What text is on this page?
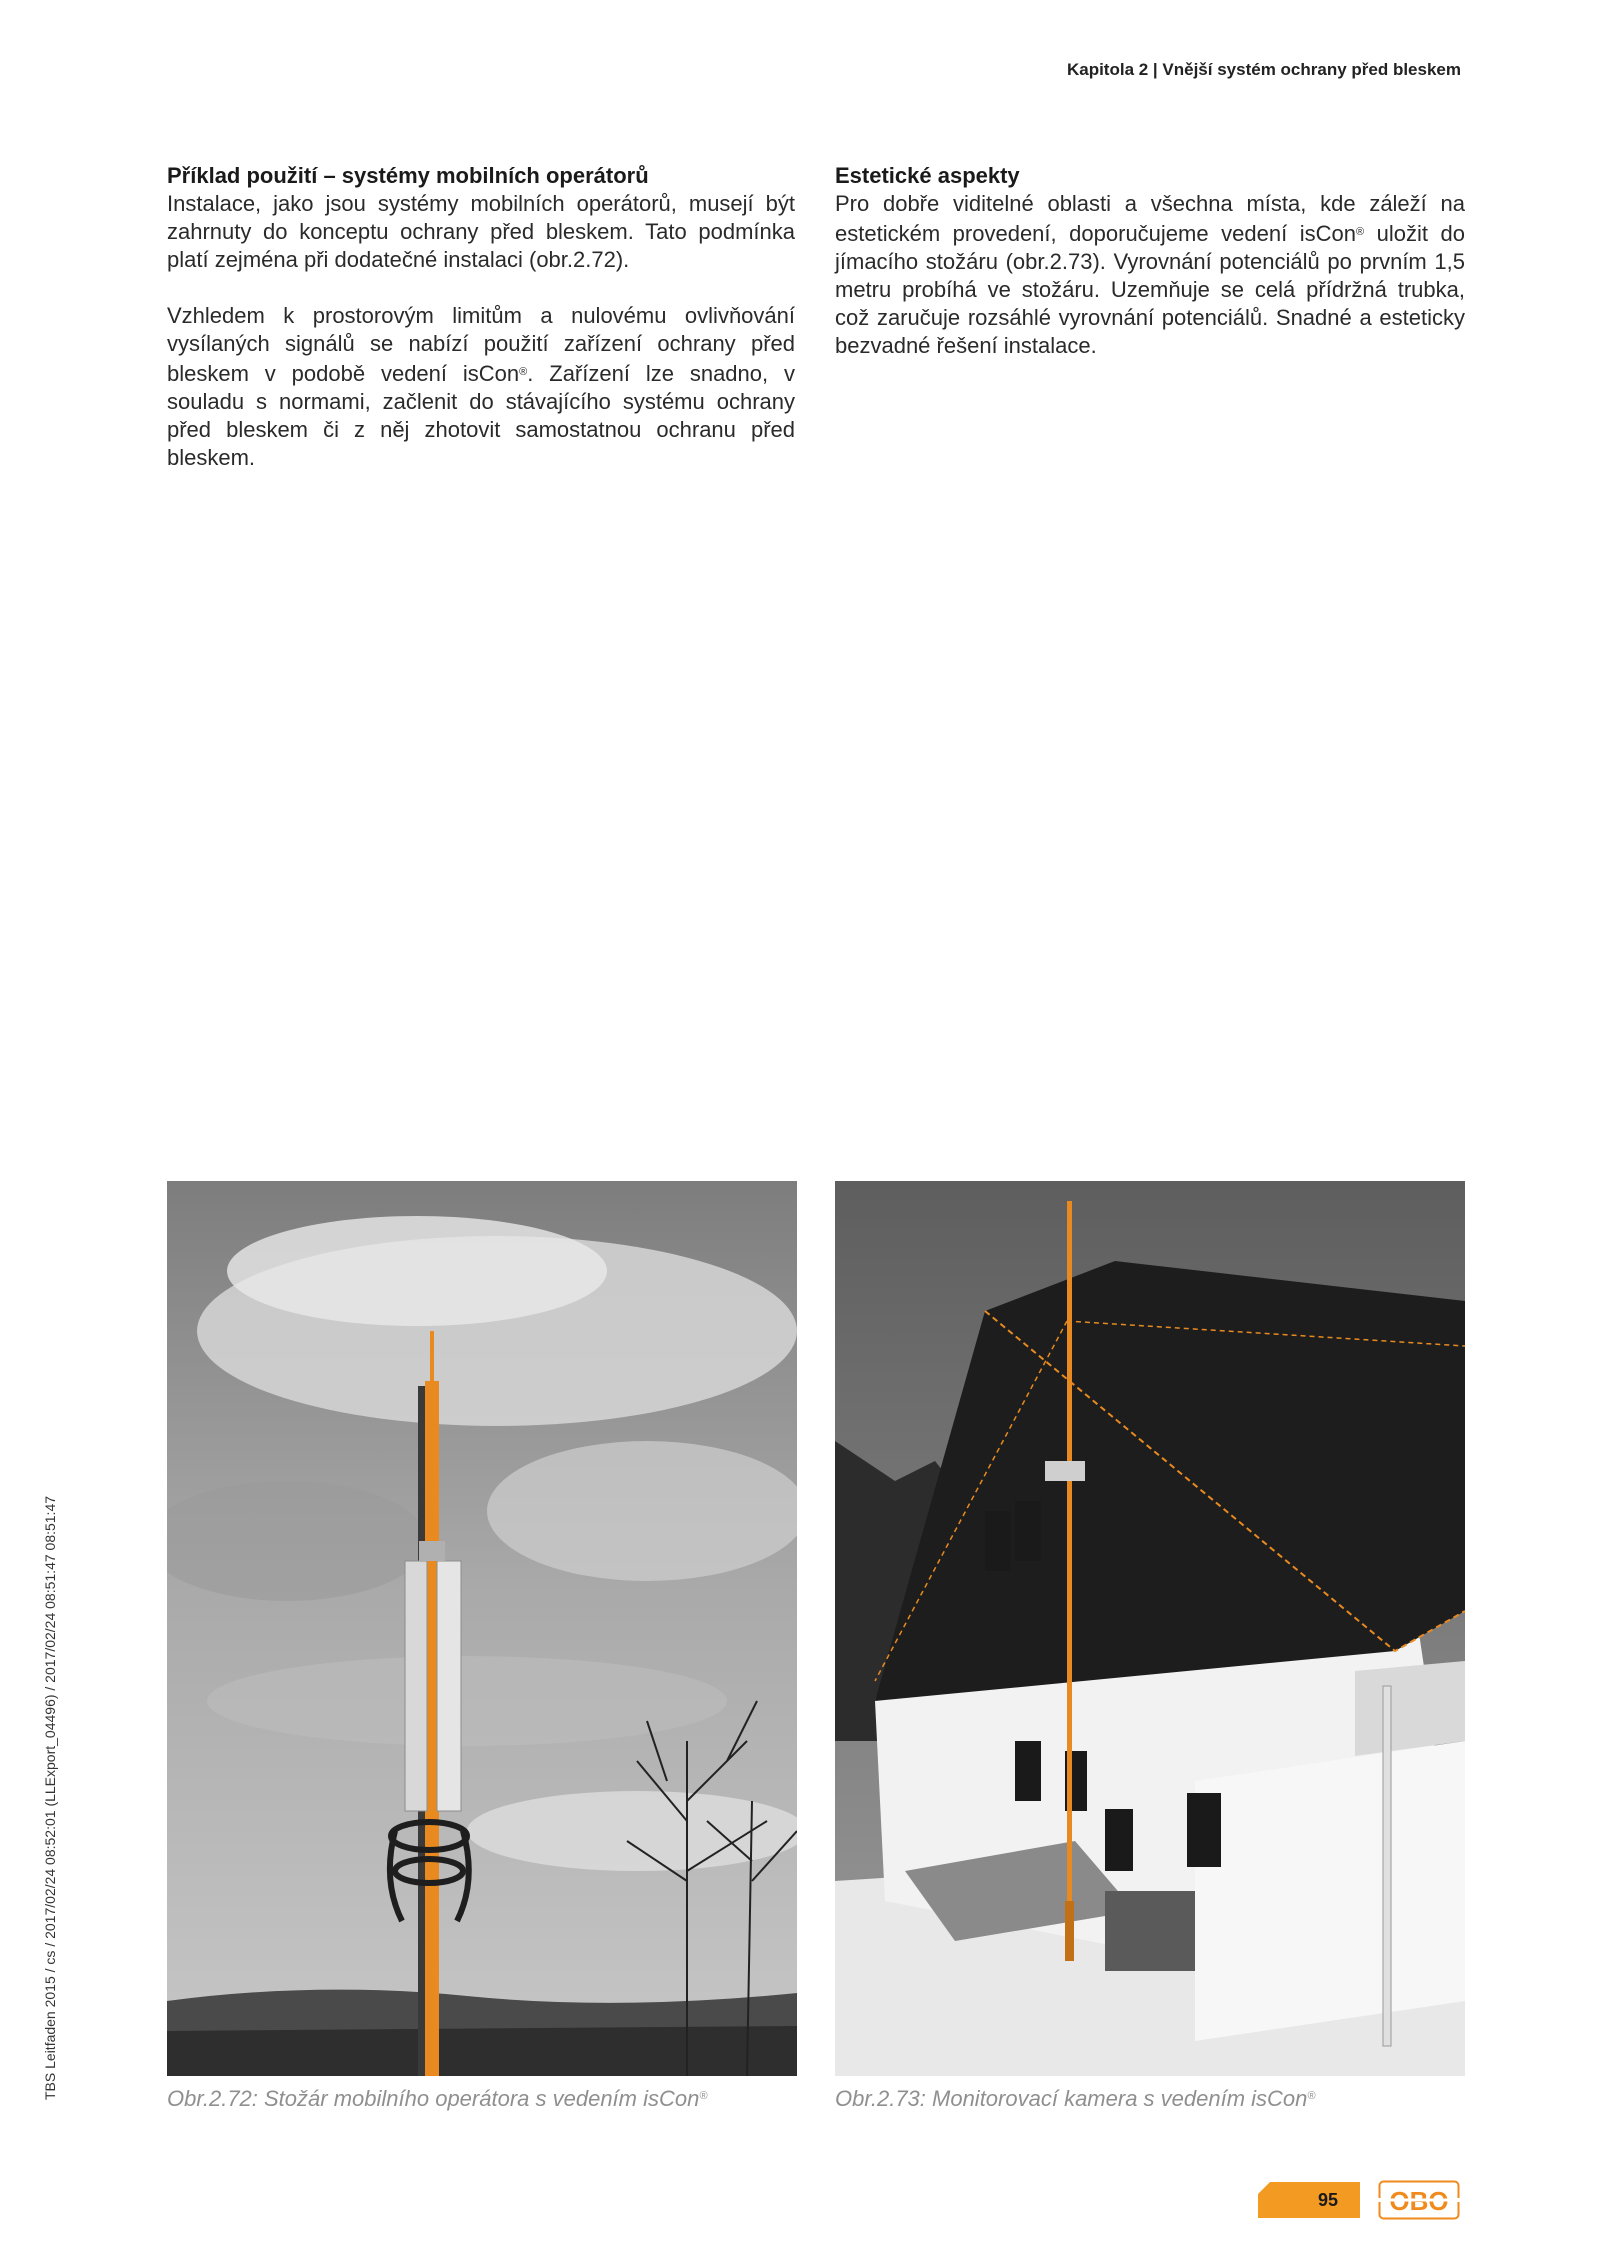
Kapitola 2 | Vnější systém ochrany před bleskem
Příklad použití – systémy mobilních operátorů

Instalace, jako jsou systémy mobilních operátorů, musejí být zahrnuty do konceptu ochrany před bleskem. Tato podmínka platí zejména při dodatečné instalaci (obr.2.72).

Vzhledem k prostorovým limitům a nulovému ovlivňování vysílaných signálů se nabízí použití zařízení ochrany před bleskem v podobě vedení isCon®. Zařízení lze snadno, v souladu s normami, začlenit do stávajícího systému ochrany před bleskem či z něj zhotovit samostatnou ochranu před bleskem.

Estetické aspekty

Pro dobře viditelné oblasti a všechna místa, kde záleží na estetickém provedení, doporučujeme vedení isCon® uložit do jímacího stožáru (obr.2.73). Vyrovnání potenciálů po prvním 1,5 metru probíhá ve stožáru. Uzemňuje se celá přídržná trubka, což zaručuje rozsáhlé vyrovnání potenciálů. Snadné a esteticky bezvadné řešení instalace.

Obr.2.72: Stožár mobilního operátora s vedením isCon®	Obr.2.73: Monitorovací kamera s vedením isCon®
TBS Leitfaden 2015 / cs / 2017/02/24 08:52:01 (LLExport_04496) / 2017/02/24 08:51:47 08:51:47
95 OBO
